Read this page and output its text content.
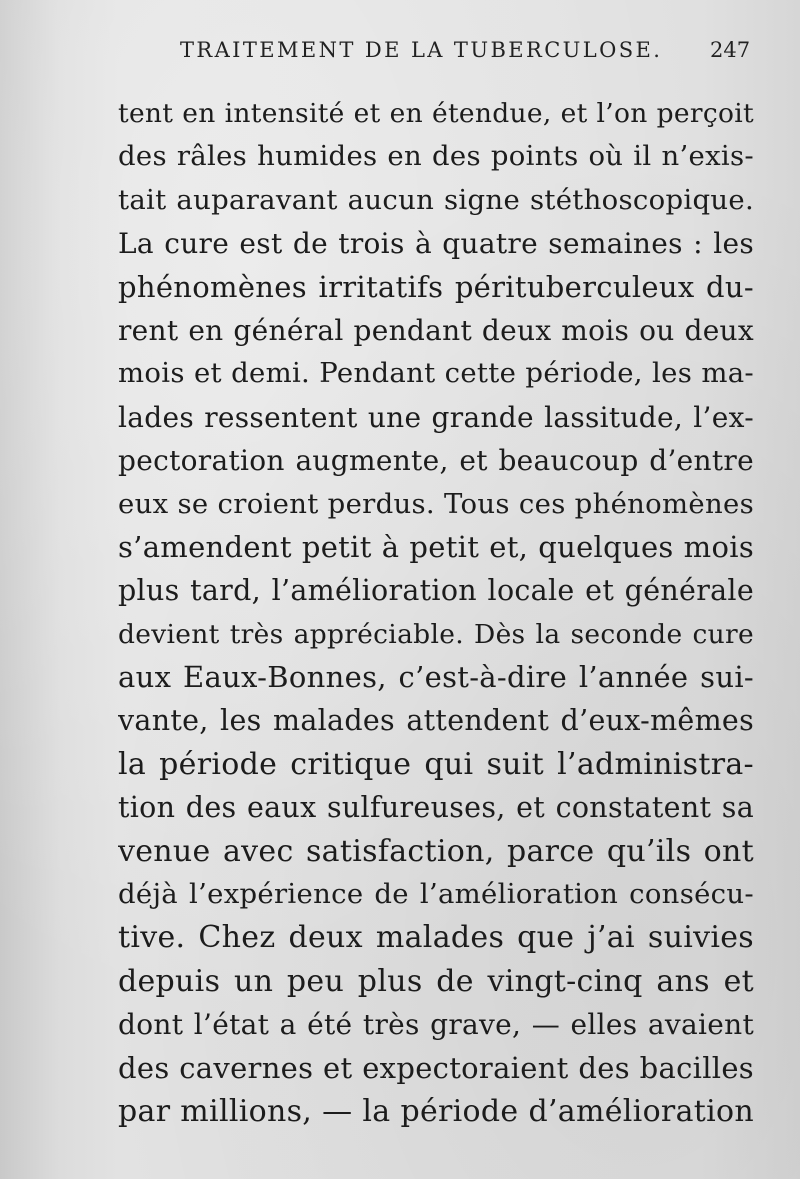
TRAITEMENT DE LA TUBERCULOSE. 247
tent en intensité et en étendue, et l’on perçoit
des râles humides en des points où il n’exis-
tait auparavant aucun signe stéthoscopique.
La cure est de trois à quatre semaines : les
phénomènes irritatifs pérituberculeux du-
rent en général pendant deux mois ou deux
mois et demi. Pendant cette période, les ma-
lades ressentent une grande lassitude, l’ex-
pectoration augmente, et beaucoup d’entre
eux se croient perdus. Tous ces phénomènes
s’amendent petit à petit et, quelques mois
plus tard, l’amélioration locale et générale
devient très appréciable. Dès la seconde cure
aux Eaux-Bonnes, c’est-à-dire l’année sui-
vante, les malades attendent d’eux-mêmes
la période critique qui suit l’administra-
tion des eaux sulfureuses, et constatent sa
venue avec satisfaction, parce qu’ils ont
déjà l’expérience de l’amélioration consécu-
tive. Chez deux malades que j’ai suivies
depuis un peu plus de vingt-cinq ans et
dont l’état a été très grave, — elles avaient
des cavernes et expectoraient des bacilles
par millions, — la période d’amélioration
